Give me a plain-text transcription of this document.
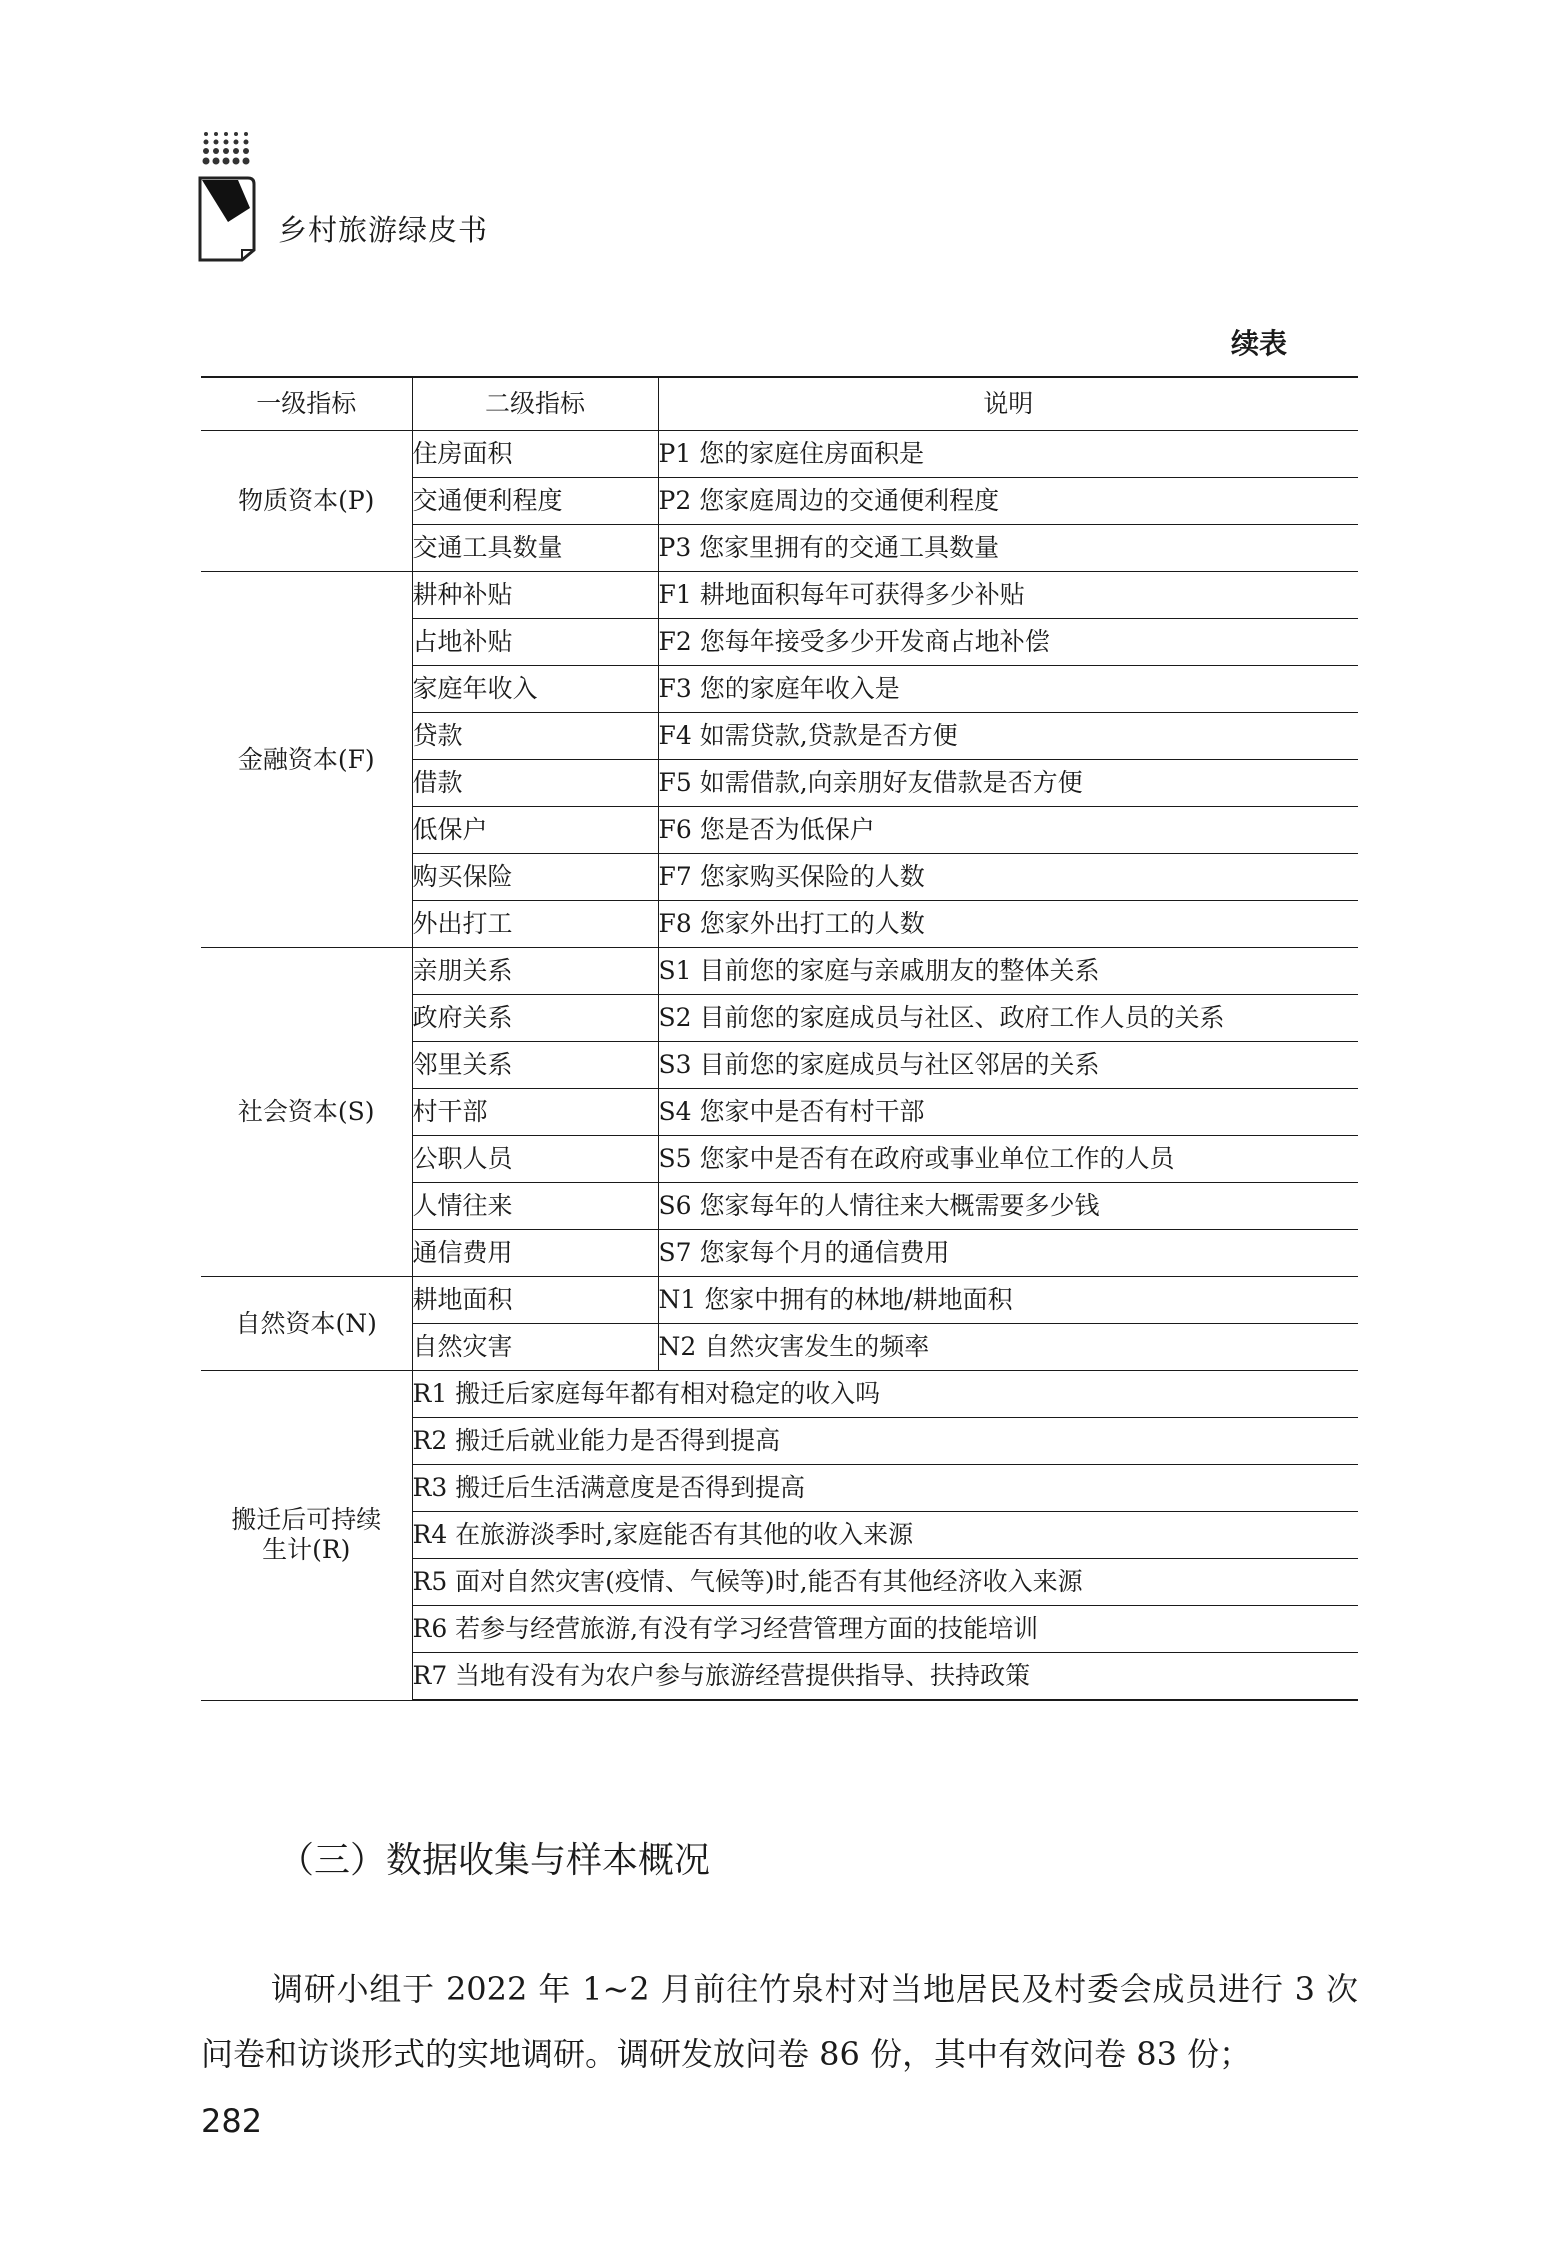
乡村旅游绿皮书
续表
一级指标	二级指标	说明
物质资本(P)	住房面积	P1 您的家庭住房面积是
	交通便利程度	P2 您家庭周边的交通便利程度
	交通工具数量	P3 您家里拥有的交通工具数量
金融资本(F)	耕种补贴	F1 耕地面积每年可获得多少补贴
	占地补贴	F2 您每年接受多少开发商占地补偿
	家庭年收入	F3 您的家庭年收入是
	贷款	F4 如需贷款,贷款是否方便
	借款	F5 如需借款,向亲朋好友借款是否方便
	低保户	F6 您是否为低保户
	购买保险	F7 您家购买保险的人数
	外出打工	F8 您家外出打工的人数
社会资本(S)	亲朋关系	S1 目前您的家庭与亲戚朋友的整体关系
	政府关系	S2 目前您的家庭成员与社区、政府工作人员的关系
	邻里关系	S3 目前您的家庭成员与社区邻居的关系
	村干部	S4 您家中是否有村干部
	公职人员	S5 您家中是否有在政府或事业单位工作的人员
	人情往来	S6 您家每年的人情往来大概需要多少钱
	通信费用	S7 您家每个月的通信费用
自然资本(N)	耕地面积	N1 您家中拥有的林地/耕地面积
	自然灾害	N2 自然灾害发生的频率
搬迁后可持续
生计(R)	R1 搬迁后家庭每年都有相对稳定的收入吗	
	R2 搬迁后就业能力是否得到提高	
	R3 搬迁后生活满意度是否得到提高	
	R4 在旅游淡季时,家庭能否有其他的收入来源	
	R5 面对自然灾害(疫情、气候等)时,能否有其他经济收入来源	
	R6 若参与经营旅游,有没有学习经营管理方面的技能培训	
	R7 当地有没有为农户参与旅游经营提供指导、扶持政策	
（三）数据收集与样本概况

调研小组于 2022 年 1~2 月前往竹泉村对当地居民及村委会成员进行 3 次问卷和访谈形式的实地调研。调研发放问卷 86 份，其中有效问卷 83 份；

282
